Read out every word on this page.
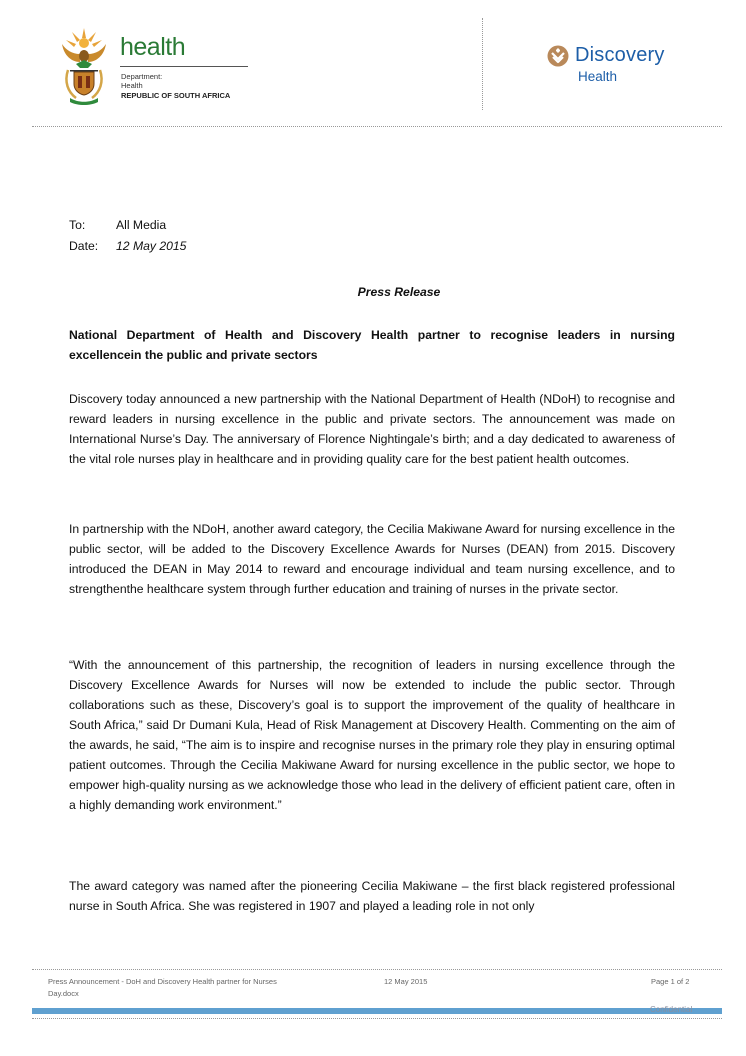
health
Department:
Health
REPUBLIC OF SOUTH AFRICA
Discovery
Health
To:	All Media
Date: 12 May 2015
Press Release
National Department of Health and Discovery Health partner to recognise leaders in nursing excellencein the public and private sectors
Discovery today announced a new partnership with the National Department of Health (NDoH) to recognise and reward leaders in nursing excellence in the public and private sectors. The announcement was made on International Nurse’s Day. The anniversary of Florence Nightingale’s birth; and a day dedicated to awareness of the vital role nurses play in healthcare and in providing quality care for the best patient health outcomes.
In partnership with the NDoH, another award category, the Cecilia Makiwane Award for nursing excellence in the public sector, will be added to the Discovery Excellence Awards for Nurses (DEAN) from 2015. Discovery introduced the DEAN in May 2014 to reward and encourage individual and team nursing excellence, and to strengthenthe healthcare system through further education and training of nurses in the private sector.
“With the announcement of this partnership, the recognition of leaders in nursing excellence through the Discovery Excellence Awards for Nurses will now be extended to include the public sector. Through collaborations such as these, Discovery’s goal is to support the improvement of the quality of healthcare in South Africa,” said Dr Dumani Kula, Head of Risk Management at Discovery Health. Commenting on the aim of the awards, he said, “The aim is to inspire and recognise nurses in the primary role they play in ensuring optimal patient outcomes. Through the Cecilia Makiwane Award for nursing excellence in the public sector, we hope to empower high-quality nursing as we acknowledge those who lead in the delivery of efficient patient care, often in a highly demanding work environment.”
The award category was named after the pioneering Cecilia Makiwane – the first black registered professional nurse in South Africa. She was registered in 1907 and played a leading role in not only
Press Announcement - DoH and Discovery Health partner for Nurses
Day.docx
12 May 2015	Page 1 of 2
Confidential
